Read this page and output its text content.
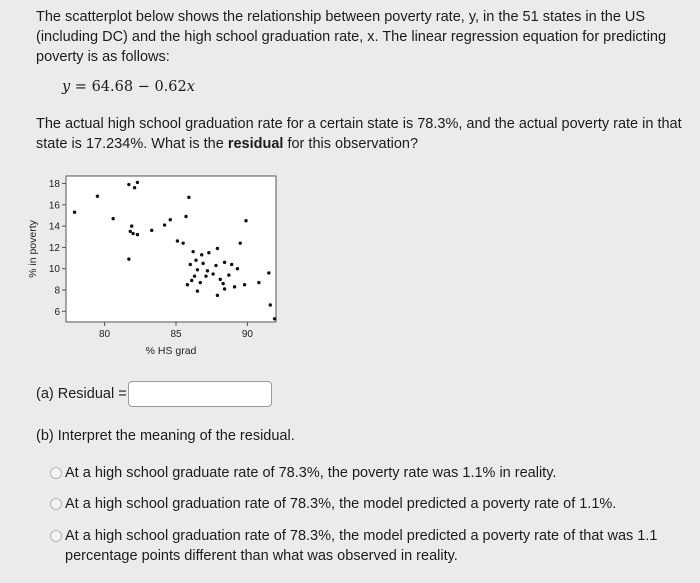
The scatterplot below shows the relationship between poverty rate, y, in the 51 states in the US (including DC) and the high school graduation rate, x. The linear regression equation for predicting poverty is as follows:

y = 64.68 − 0.62x

The actual high school graduation rate for a certain state is 78.3%, and the actual poverty rate in that state is 17.234%. What is the residual for this observation?

6
8
10
12
14
16
18
80	85	90
% HS grad
% in poverty
(a) Residual =
(b) Interpret the meaning of the residual.
At a high school graduate rate of 78.3%, the poverty rate was 1.1% in reality.
At a high school graduation rate of 78.3%, the model predicted a poverty rate of 1.1%.
At a high school graduation rate of 78.3%, the model predicted a poverty rate of that was 1.1 percentage points different than what was observed in reality.
